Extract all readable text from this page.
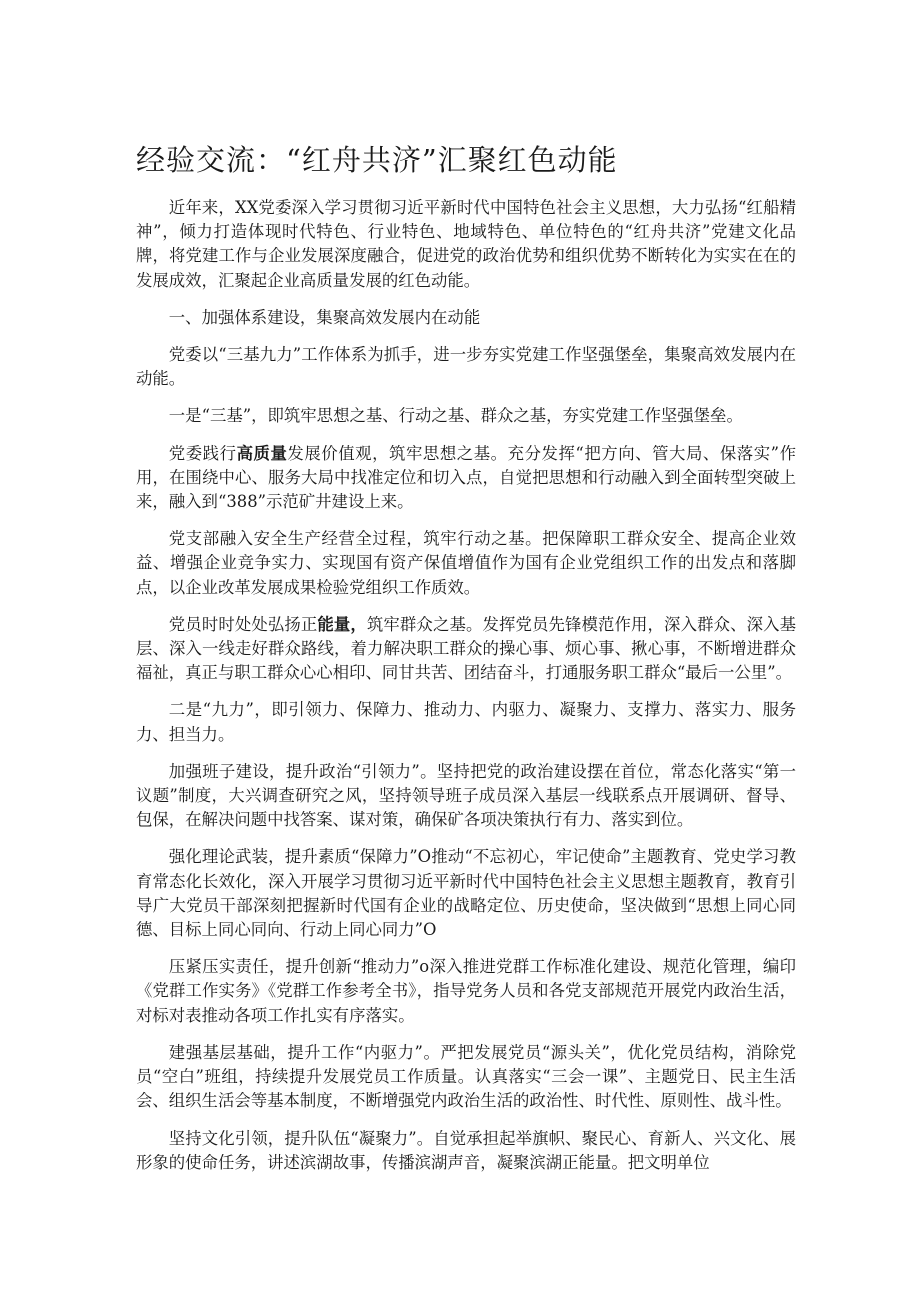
经验交流：“红舟共济”汇聚红色动能

近年来，XX党委深入学习贯彻习近平新时代中国特色社会主义思想，大力弘扬“红船精神”，倾力打造体现时代特色、行业特色、地域特色、单位特色的“红舟共济”党建文化品牌，将党建工作与企业发展深度融合，促进党的政治优势和组织优势不断转化为实实在在的发展成效，汇聚起企业高质量发展的红色动能。

一、加强体系建设，集聚高效发展内在动能

党委以“三基九力”工作体系为抓手，进一步夯实党建工作坚强堡垒，集聚高效发展内在动能。

一是“三基”，即筑牢思想之基、行动之基、群众之基，夯实党建工作坚强堡垒。

党委践行高质量发展价值观，筑牢思想之基。充分发挥“把方向、管大局、保落实”作用，在围绕中心、服务大局中找准定位和切入点，自觉把思想和行动融入到全面转型突破上来，融入到“388”示范矿井建设上来。

党支部融入安全生产经营全过程，筑牢行动之基。把保障职工群众安全、提高企业效益、增强企业竞争实力、实现国有资产保值增值作为国有企业党组织工作的出发点和落脚点，以企业改革发展成果检验党组织工作质效。

党员时时处处弘扬正能量，筑牢群众之基。发挥党员先锋模范作用，深入群众、深入基层、深入一线走好群众路线，着力解决职工群众的操心事、烦心事、揪心事，不断增进群众福祉，真正与职工群众心心相印、同甘共苦、团结奋斗，打通服务职工群众“最后一公里”。

二是“九力”，即引领力、保障力、推动力、内驱力、凝聚力、支撑力、落实力、服务力、担当力。

加强班子建设，提升政治“引领力”。坚持把党的政治建设摆在首位，常态化落实“第一议题”制度，大兴调查研究之风，坚持领导班子成员深入基层一线联系点开展调研、督导、包保，在解决问题中找答案、谋对策，确保矿各项决策执行有力、落实到位。

强化理论武装，提升素质“保障力”O推动“不忘初心，牢记使命”主题教育、党史学习教育常态化长效化，深入开展学习贯彻习近平新时代中国特色社会主义思想主题教育，教育引导广大党员干部深刻把握新时代国有企业的战略定位、历史使命，坚决做到“思想上同心同德、目标上同心同向、行动上同心同力”O

压紧压实责任，提升创新“推动力”o深入推进党群工作标准化建设、规范化管理，编印《党群工作实务》《党群工作参考全书》，指导党务人员和各党支部规范开展党内政治生活，对标对表推动各项工作扎实有序落实。

建强基层基础，提升工作“内驱力”。严把发展党员“源头关”，优化党员结构，消除党员“空白”班组，持续提升发展党员工作质量。认真落实“三会一课”、主题党日、民主生活会、组织生活会等基本制度，不断增强党内政治生活的政治性、时代性、原则性、战斗性。

坚持文化引领，提升队伍“凝聚力”。自觉承担起举旗帜、聚民心、育新人、兴文化、展形象的使命任务，讲述滨湖故事，传播滨湖声音，凝聚滨湖正能量。把文明单位
